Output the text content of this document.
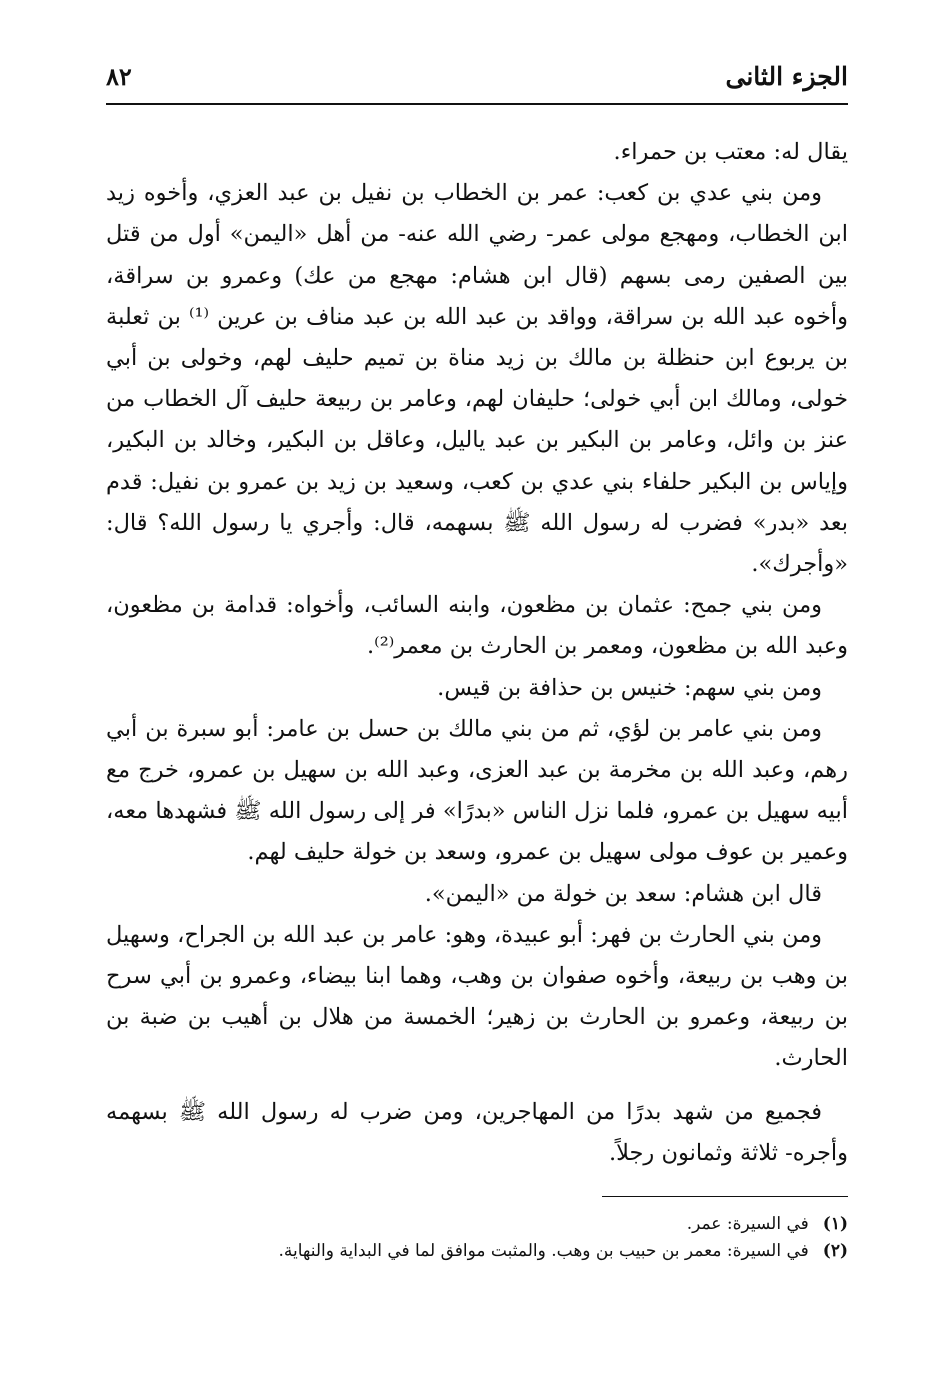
٨٢	الجزء الثانى

يقال له: معتب بن حمراء.

ومن بني عدي بن كعب: عمر بن الخطاب بن نفيل بن عبد العزي، وأخوه زيد ابن الخطاب، ومهجع مولى عمر- رضي الله عنه- من أهل «اليمن» أول من قتل بين الصفين رمى بسهم (قال ابن هشام: مهجع من عك) وعمرو بن سراقة، وأخوه عبد الله بن سراقة، وواقد بن عبد الله بن عبد مناف بن عرين ⁽¹⁾ بن ثعلبة بن يربوع ابن حنظلة بن مالك بن زيد مناة بن تميم حليف لهم، وخولى بن أبي خولى، ومالك ابن أبي خولى؛ حليفان لهم، وعامر بن ربيعة حليف آل الخطاب من عنز بن وائل، وعامر بن البكير بن عبد ياليل، وعاقل بن البكير، وخالد بن البكير، وإياس بن البكير حلفاء بني عدي بن كعب، وسعيد بن زيد بن عمرو بن نفيل: قدم بعد «بدر» فضرب له رسول الله ﷺ بسهمه، قال: وأجري يا رسول الله؟ قال: «وأجرك».

ومن بني جمح: عثمان بن مظعون، وابنه السائب، وأخواه: قدامة بن مظعون، وعبد الله بن مظعون، ومعمر بن الحارث بن معمر⁽²⁾.

ومن بني سهم: خنيس بن حذافة بن قيس.

ومن بني عامر بن لؤي، ثم من بني مالك بن حسل بن عامر: أبو سبرة بن أبي رهم، وعبد الله بن مخرمة بن عبد العزى، وعبد الله بن سهيل بن عمرو، خرج مع أبيه سهيل بن عمرو، فلما نزل الناس «بدرًا» فر إلى رسول الله ﷺ فشهدها معه، وعمير بن عوف مولى سهيل بن عمرو، وسعد بن خولة حليف لهم.

قال ابن هشام: سعد بن خولة من «اليمن».

ومن بني الحارث بن فهر: أبو عبيدة، وهو: عامر بن عبد الله بن الجراح، وسهيل بن وهب بن ربيعة، وأخوه صفوان بن وهب، وهما ابنا بيضاء، وعمرو بن أبي سرح بن ربيعة، وعمرو بن الحارث بن زهير؛ الخمسة من هلال بن أهيب بن ضبة بن الحارث.

فجميع من شهد بدرًا من المهاجرين، ومن ضرب له رسول الله ﷺ بسهمه وأجره- ثلاثة وثمانون رجلاً.

(١)في السيرة: عمر.

(٢)في السيرة: معمر بن حبيب بن وهب. والمثبت موافق لما في البداية والنهاية.
